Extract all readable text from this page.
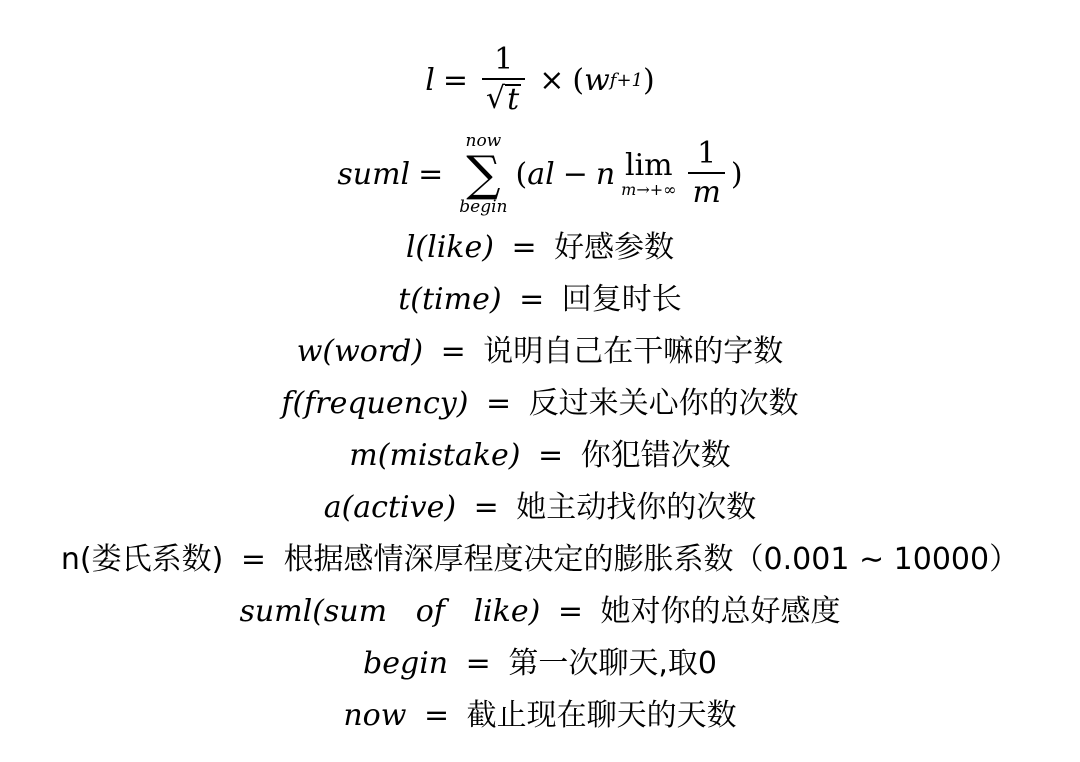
$l = \frac{1}{√ t}$ × ( w f+1 )
suml =
now
∑
begin
( al − n lim
$m\to+\infty \frac{1}{m}$ )
l(like) = 好感参数
t(time) = 回复时长
w(word) = 说明自己在干嘛的字数
f(frequency) = 反过来关心你的次数
m(mistake) = 你犯错次数
a(active) = 她主动找你的次数
n(娄氏系数) = 根据感情深厚程度决定的膨胀系数（0.001 ∼ 10000）
suml(sum   of   like) = 她对你的总好感度
begin = 第一次聊天,取0
now = 截止现在聊天的天数
